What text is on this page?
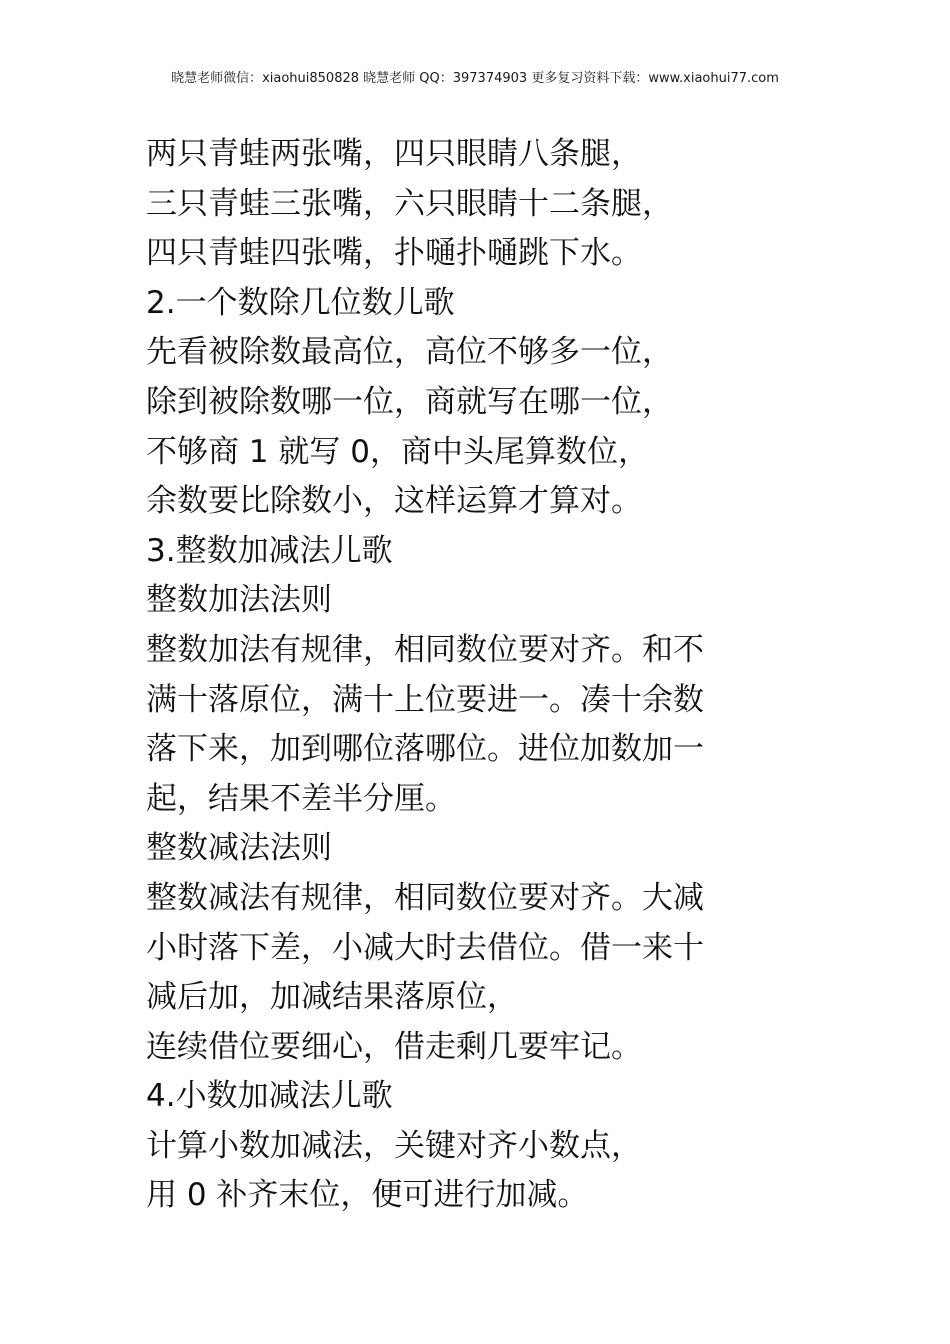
晓慧老师微信：xiaohui850828 晓慧老师 QQ：397374903 更多复习资料下载：www.xiaohui77.com
两只青蛙两张嘴，四只眼睛八条腿，
三只青蛙三张嘴，六只眼睛十二条腿，
四只青蛙四张嘴，扑嗵扑嗵跳下水。
2.一个数除几位数儿歌
先看被除数最高位，高位不够多一位，
除到被除数哪一位，商就写在哪一位，
不够商 1 就写 0，商中头尾算数位，
余数要比除数小，这样运算才算对。
3.整数加减法儿歌
整数加法法则
整数加法有规律，相同数位要对齐。和不
满十落原位，满十上位要进一。凑十余数
落下来，加到哪位落哪位。进位加数加一
起，结果不差半分厘。
整数减法法则
整数减法有规律，相同数位要对齐。大减
小时落下差，小减大时去借位。借一来十
减后加，加减结果落原位，
连续借位要细心，借走剩几要牢记。
4.小数加减法儿歌
计算小数加减法，关键对齐小数点，
用 0 补齐末位，便可进行加减。
